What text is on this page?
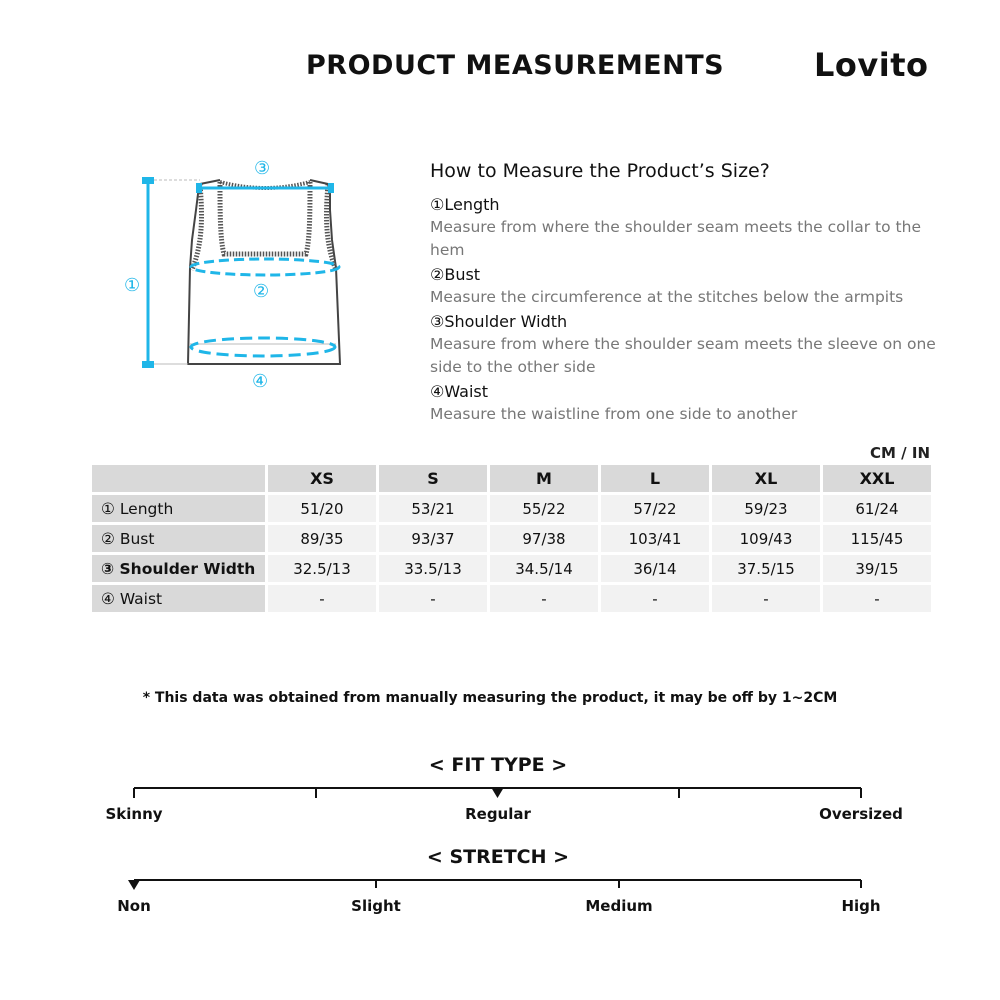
PRODUCT MEASUREMENTS	Lovito
①	②
③
④
How to Measure the Product’s Size?
①Length
Measure from where the shoulder seam meets the collar to the hem
②Bust
Measure the circumference at the stitches below the armpits
③Shoulder Width
Measure from where the shoulder seam meets the sleeve on one side to the other side
④Waist
Measure the waistline from one side to another
CM / IN
	XS	S	M	L	XL	XXL
① Length	51/20	53/21	55/22	57/22	59/23	61/24
② Bust	89/35	93/37	97/38	103/41	109/43	115/45
③ Shoulder Width	32.5/13	33.5/13	34.5/14	36/14	37.5/15	39/15
④ Waist	-	-	-	-	-	-
* This data was obtained from manually measuring the product, it may be off by 1~2CM
< FIT TYPE >
Skinny	Regular	Oversized
< STRETCH >
Non	Slight	Medium	High
